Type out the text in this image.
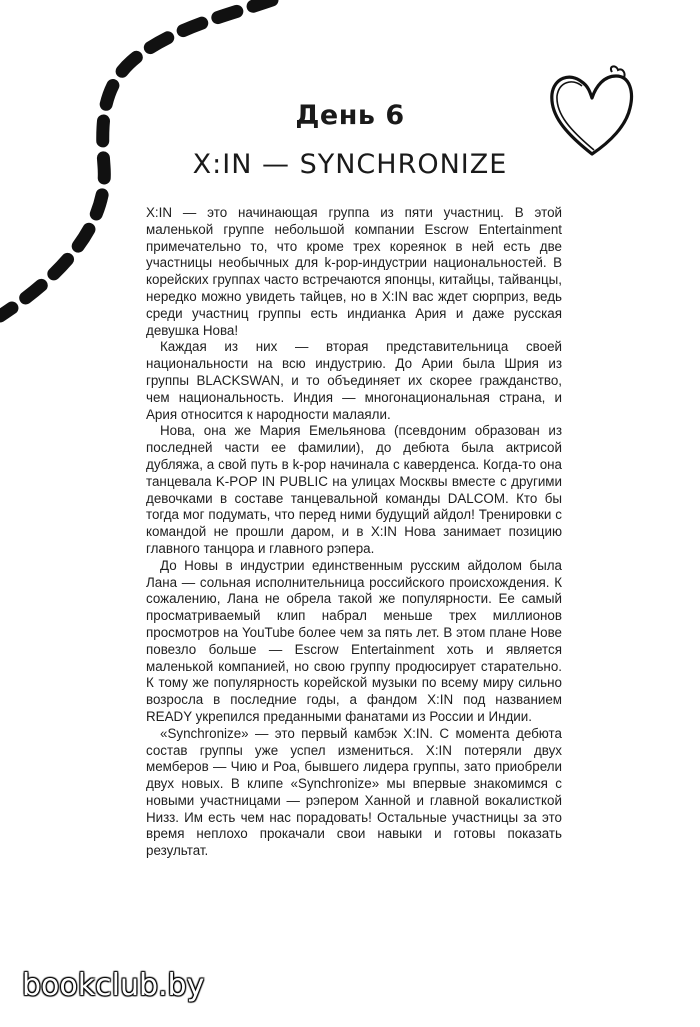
День 6
X:IN — SYNCHRONIZE

X:IN — это начинающая группа из пяти участниц. В этой маленькой группе небольшой компании Escrow Entertainment примечательно то, что кроме трех кореянок в ней есть две участницы необычных для k-pop-индустрии национальностей. В корейских группах часто встречаются японцы, китайцы, тайванцы, нередко можно увидеть тайцев, но в X:IN вас ждет сюрприз, ведь среди участниц группы есть индианка Ария и даже русская девушка Нова!

Каждая из них — вторая представительница своей национальности на всю индустрию. До Арии была Шрия из группы BLACKSWAN, и то объединяет их скорее гражданство, чем национальность. Индия — многонациональная страна, и Ария относится к народности малаяли.

Нова, она же Мария Емельянова (псевдоним образован из последней части ее фамилии), до дебюта была актрисой дубляжа, а свой путь в k-pop начинала с каверденса. Когда-то она танцевала K-POP IN PUBLIC на улицах Москвы вместе с другими девочками в составе танцевальной команды DALCOM. Кто бы тогда мог подумать, что перед ними будущий айдол! Тренировки с командой не прошли даром, и в X:IN Нова занимает позицию главного танцора и главного рэпера.

До Новы в индустрии единственным русским айдолом была Лана — сольная исполнительница российского происхождения. К сожалению, Лана не обрела такой же популярности. Ее самый просматриваемый клип набрал меньше трех миллионов просмотров на YouTube более чем за пять лет. В этом плане Нове повезло больше — Escrow Entertainment хоть и является маленькой компанией, но свою группу продюсирует старательно. К тому же популярность корейской музыки по всему миру сильно возросла в последние годы, а фандом X:IN под названием READY укрепился преданными фанатами из России и Индии.

«Synchronize» — это первый камбэк X:IN. С момента дебюта состав группы уже успел измениться. X:IN потеряли двух мемберов — Чию и Роа, бывшего лидера группы, зато приобрели двух новых. В клипе «Synchronize» мы впервые знакомимся с новыми участницами — рэпером Ханной и главной вокалисткой Низз. Им есть чем нас порадовать! Остальные участницы за это время неплохо прокачали свои навыки и готовы показать результат.

bookclub.by
